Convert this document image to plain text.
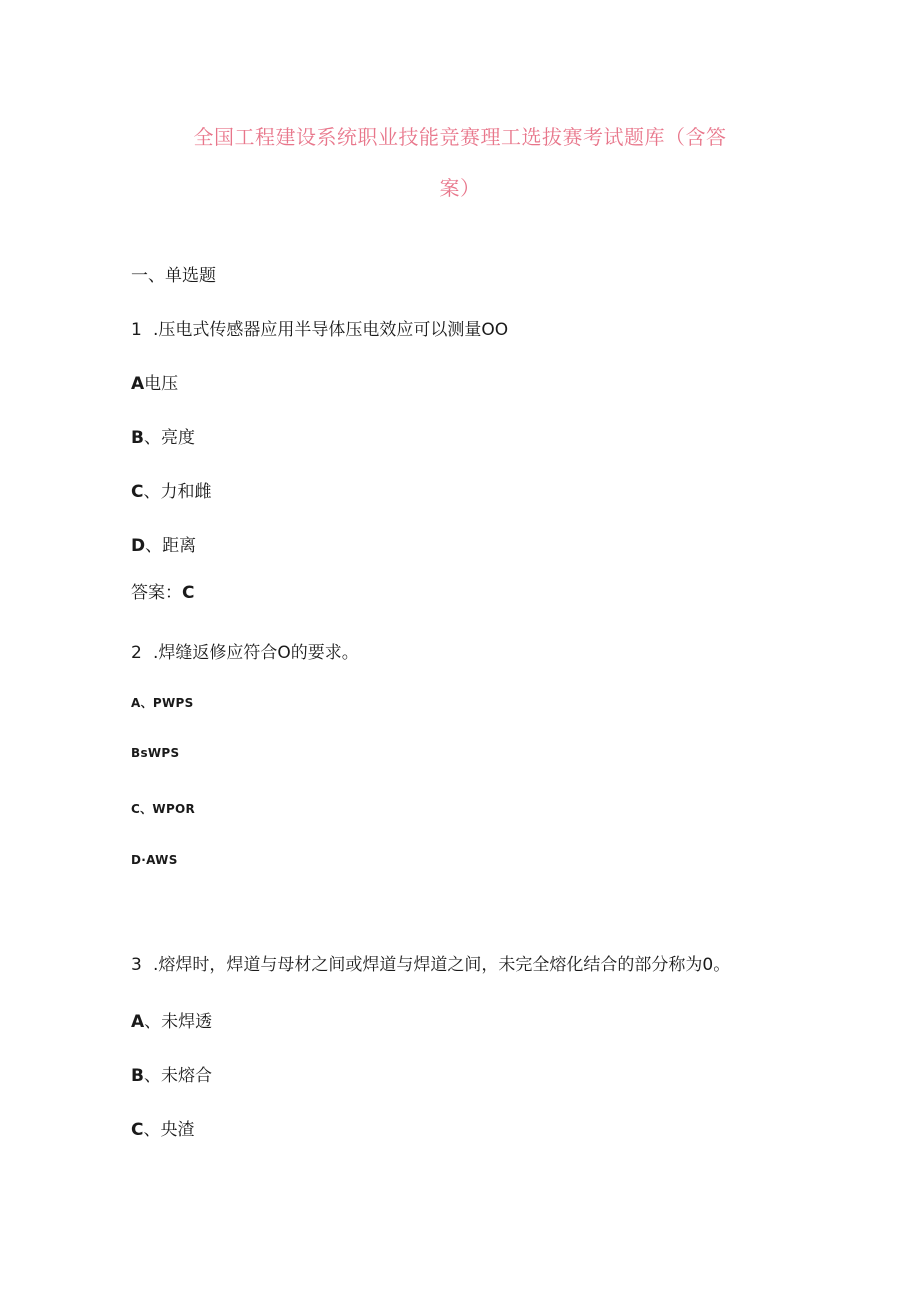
全国工程建设系统职业技能竞赛理工选拔赛考试题库（含答
案）
一、单选题
1 .压电式传感器应用半导体压电效应可以测量OO
A电压
B、亮度
C、力和雌
D、距离
答案：C
2 .焊缝返修应符合O的要求。
A、PWPS
BsWPS
C、WPOR
D·AWS
3 .熔焊时，焊道与母材之间或焊道与焊道之间，未完全熔化结合的部分称为0。
A、未焊透
B、未熔合
C、央渣
